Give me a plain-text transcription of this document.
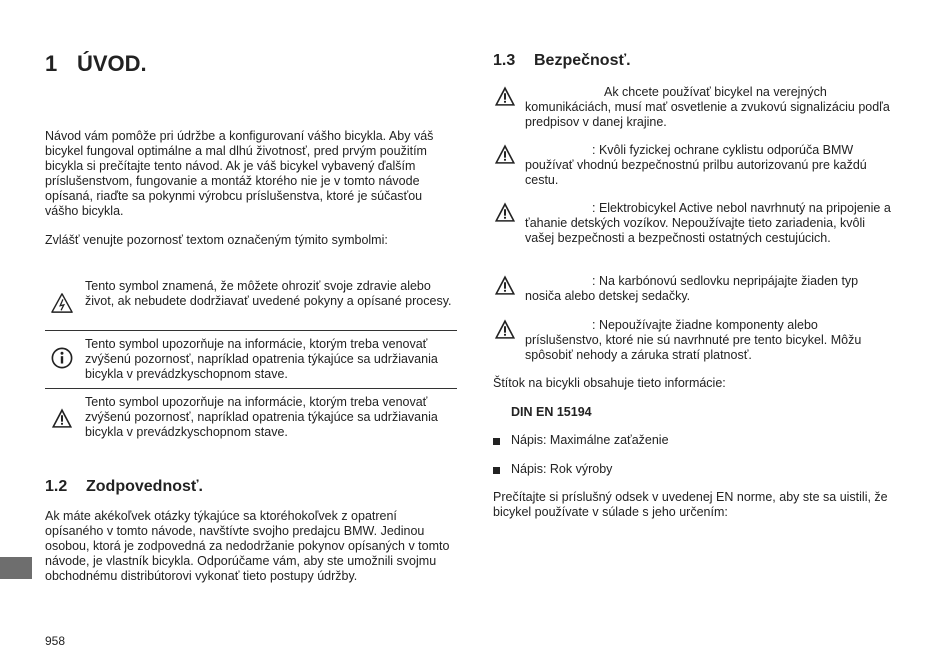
1 ÚVOD.
Návod vám pomôže pri údržbe a konfigurovaní vášho bicykla. Aby váš bicykel fungoval optimálne a mal dlhú životnosť, pred prvým použitím bicykla si prečítajte tento návod. Ak je váš bicykel vybavený ďalším príslušenstvom, fungovanie a montáž ktorého nie je v tomto návode opísaná, riaďte sa pokynmi výrobcu príslušenstva, ktoré je súčasťou vášho bicykla.
Zvlášť venujte pozornosť textom označeným týmito symbolmi:
Tento symbol znamená, že môžete ohroziť svoje zdravie alebo život, ak nebudete dodržiavať uvedené pokyny a opísané procesy.
Tento symbol upozorňuje na informácie, ktorým treba venovať zvýšenú pozornosť, napríklad opatrenia týkajúce sa udržiavania bicykla v prevádzkyschopnom stave.
Tento symbol upozorňuje na informácie, ktorým treba venovať zvýšenú pozornosť, napríklad opatrenia týkajúce sa udržiavania bicykla v prevádzkyschopnom stave.
1.2 Zodpovednosť.
Ak máte akékoľvek otázky týkajúce sa ktoréhokoľvek z opatrení opísaného v tomto návode, navštívte svojho predajcu BMW. Jedinou osobou, ktorá je zodpovedná za nedodržanie pokynov opísaných v tomto návode, je vlastník bicykla. Odporúčame vám, aby ste umožnili svojmu obchodnému distribútorovi vykonať tieto postupy údržby.
958
1.3 Bezpečnosť.
Ak chcete používať bicykel na verejných komunikáciách, musí mať osvetlenie a zvukovú signalizáciu podľa predpisov v danej krajine.
: Kvôli fyzickej ochrane cyklistu odporúča BMW používať vhodnú bezpečnostnú prilbu autorizovanú pre každú cestu.
: Elektrobicykel Active nebol navrhnutý na pripojenie a ťahanie detských vozíkov. Nepoužívajte tieto zariadenia, kvôli vašej bezpečnosti a bezpečnosti ostatných cestujúcich.
: Na karbónovú sedlovku nepripájajte žiaden typ nosiča alebo detskej sedačky.
: Nepoužívajte žiadne komponenty alebo príslušenstvo, ktoré nie sú navrhnuté pre tento bicykel. Môžu spôsobiť nehody a záruka stratí platnosť.
Štítok na bicykli obsahuje tieto informácie:
DIN EN 15194
Nápis: Maximálne zaťaženie
Nápis: Rok výroby
Prečítajte si príslušný odsek v uvedenej EN norme, aby ste sa uistili, že bicykel používate v súlade s jeho určením:
